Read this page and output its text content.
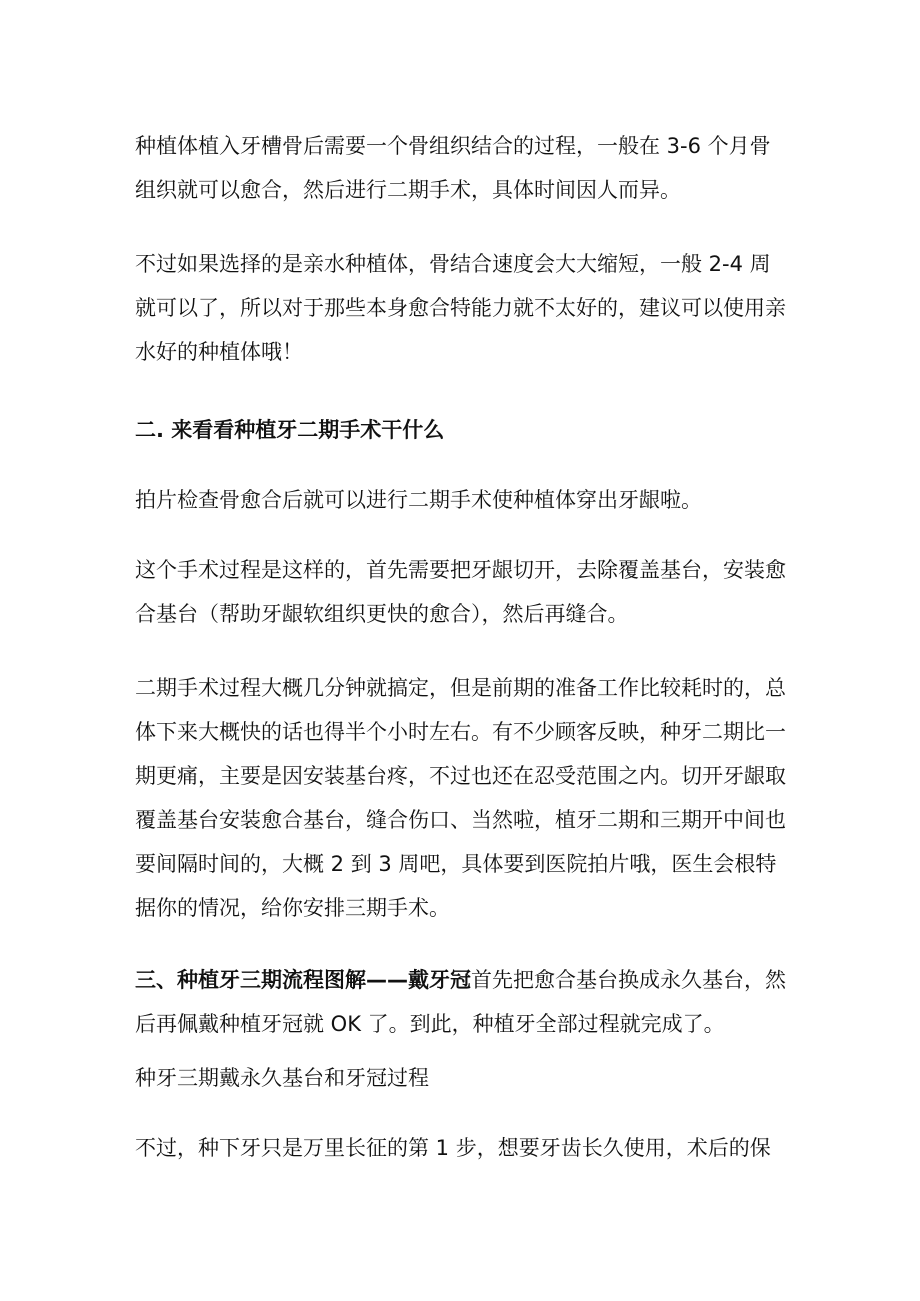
种植体植入牙槽骨后需要一个骨组织结合的过程，一般在 3-6 个月骨组织就可以愈合，然后进行二期手术，具体时间因人而异。

不过如果选择的是亲水种植体，骨结合速度会大大缩短，一般 2-4 周就可以了，所以对于那些本身愈合特能力就不太好的，建议可以使用亲水好的种植体哦！

二. 来看看种植牙二期手术干什么

拍片检查骨愈合后就可以进行二期手术使种植体穿出牙龈啦。

这个手术过程是这样的，首先需要把牙龈切开，去除覆盖基台，安装愈合基台（帮助牙龈软组织更快的愈合），然后再缝合。

二期手术过程大概几分钟就搞定，但是前期的准备工作比较耗时的，总体下来大概快的话也得半个小时左右。有不少顾客反映，种牙二期比一期更痛，主要是因安装基台疼，不过也还在忍受范围之内。切开牙龈取覆盖基台安装愈合基台，缝合伤口、当然啦，植牙二期和三期开中间也要间隔时间的，大概 2 到 3 周吧，具体要到医院拍片哦，医生会根特据你的情况，给你安排三期手术。

三、种植牙三期流程图解——戴牙冠首先把愈合基台换成永久基台，然后再佩戴种植牙冠就 OK 了。到此，种植牙全部过程就完成了。

种牙三期戴永久基台和牙冠过程

不过，种下牙只是万里长征的第 1 步，想要牙齿长久使用，术后的保
